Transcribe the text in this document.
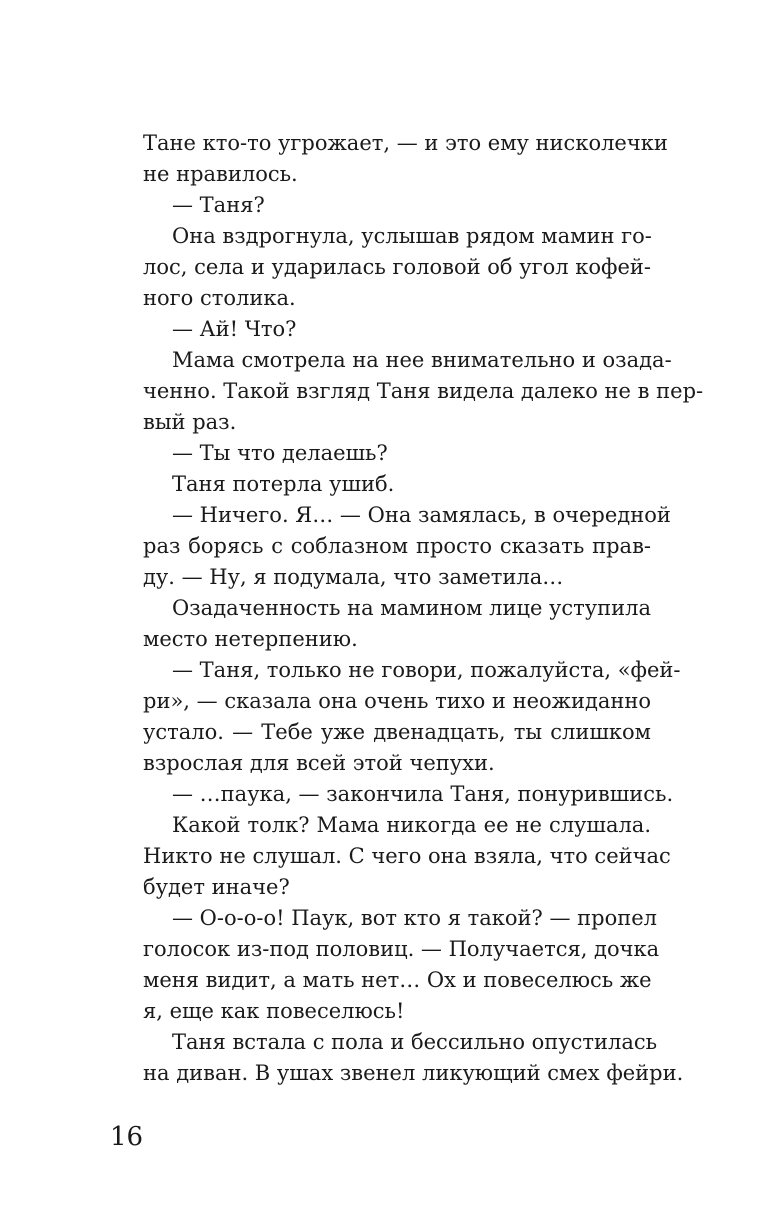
Тане кто-то угрожает, — и это ему нисколечки
не нравилось.
— Таня?
Она вздрогнула, услышав рядом мамин го-
лос, села и ударилась головой об угол кофей-
ного столика.
— Ай! Что?
Мама смотрела на нее внимательно и озада-
ченно. Такой взгляд Таня видела далеко не в пер-
вый раз.
— Ты что делаешь?
Таня потерла ушиб.
— Ничего. Я… — Она замялась, в очередной
раз борясь с соблазном просто сказать прав-
ду. — Ну, я подумала, что заметила…
Озадаченность на мамином лице уступила
место нетерпению.
— Таня, только не говори, пожалуйста, «фей-
ри», — сказала она очень тихо и неожиданно
устало. — Тебе уже двенадцать, ты слишком
взрослая для всей этой чепухи.
— …паука, — закончила Таня, понурившись.
Какой толк? Мама никогда ее не слушала.
Никто не слушал. С чего она взяла, что сейчас
будет иначе?
— О-о-о-о! Паук, вот кто я такой? — пропел
голосок из-под половиц. — Получается, дочка
меня видит, а мать нет… Ох и повеселюсь же
я, еще как повеселюсь!
Таня встала с пола и бессильно опустилась
на диван. В ушах звенел ликующий смех фейри.
16
